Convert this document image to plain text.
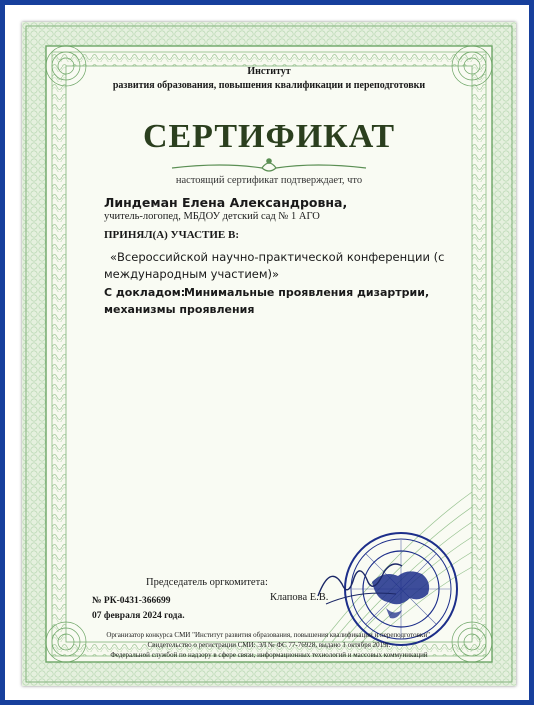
Институт
развития образования, повышения квалификации и переподготовки
СЕРТИФИКАТ
настоящий сертификат подтверждает, что
Линдеман Елена Александровна,
учитель-логопед, МБДОУ детский сад № 1 АГО
ПРИНЯЛ(А) УЧАСТИЕ В:
«Всероссийской научно-практической конференции (с
международным участием)»
С докладом:
Минимальные проявления дизартрии,
механизмы проявления
Председатель оргкомитета:
Клапова Е.В.
№ РК-0431-366699
07 февраля 2024 года.
Организатор конкурса СМИ "Институт развития образования, повышения квалификации и переподготовки".
Свидетельство о регистрации СМИ: ЭЛ № ФС 77-76928, выдано 1 октября 2019г.
Федеральной службой по надзору в сфере связи, информационных технологий и массовых коммуникаций
